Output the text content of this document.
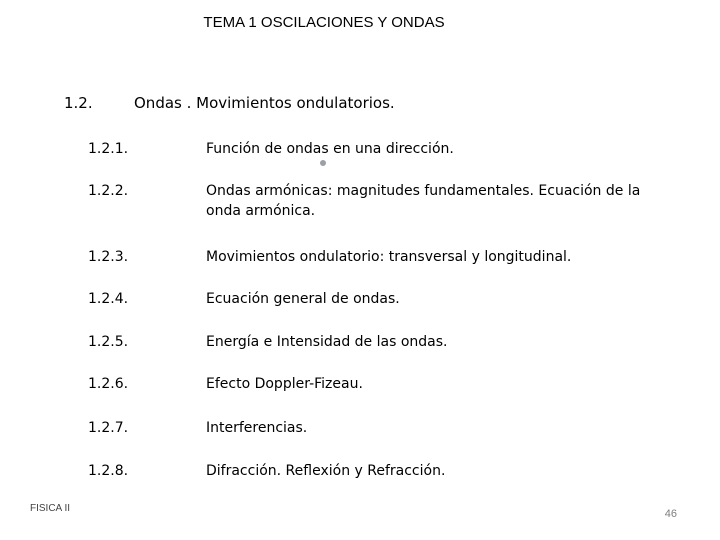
TEMA 1 OSCILACIONES Y ONDAS
1.2.	Ondas . Movimientos ondulatorios.
1.2.1.	Función de ondas en una dirección.
1.2.2.	Ondas armónicas: magnitudes fundamentales. Ecuación de la onda armónica.
1.2.3.	Movimientos ondulatorio: transversal y longitudinal.
1.2.4.	Ecuación general de ondas.
1.2.5.	Energía e Intensidad de las ondas.
1.2.6.	Efecto Doppler-Fizeau.
1.2.7.	Interferencias.
1.2.8.	Difracción. Reflexión y Refracción.
FISICA II	46
